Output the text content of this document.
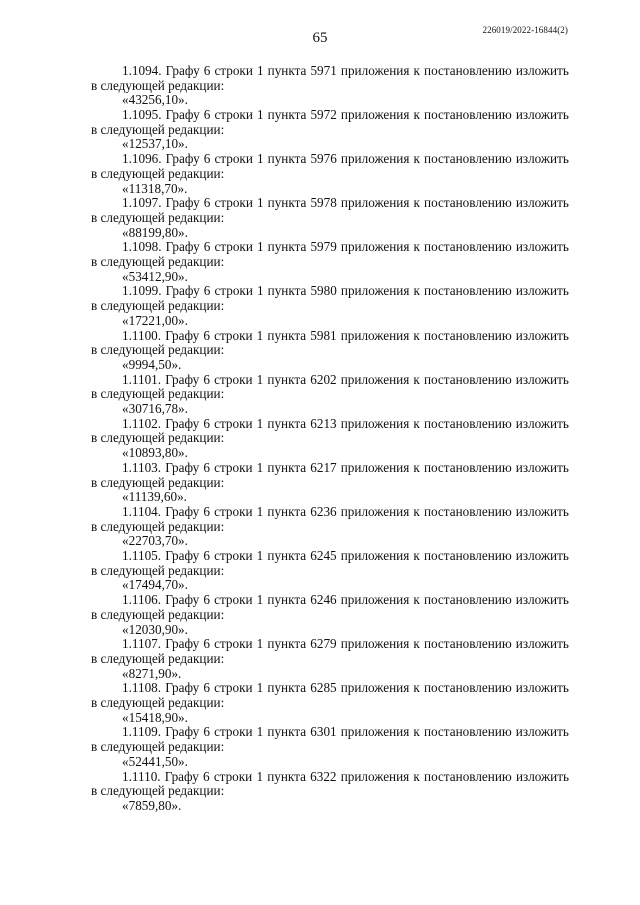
65	226019/2022-16844(2)
1.1094. Графу 6 строки 1 пункта 5971 приложения к постановлению изложить
в следующей редакции:
«43256,10».
1.1095. Графу 6 строки 1 пункта 5972 приложения к постановлению изложить
в следующей редакции:
«12537,10».
1.1096. Графу 6 строки 1 пункта 5976 приложения к постановлению изложить
в следующей редакции:
«11318,70».
1.1097. Графу 6 строки 1 пункта 5978 приложения к постановлению изложить
в следующей редакции:
«88199,80».
1.1098. Графу 6 строки 1 пункта 5979 приложения к постановлению изложить
в следующей редакции:
«53412,90».
1.1099. Графу 6 строки 1 пункта 5980 приложения к постановлению изложить
в следующей редакции:
«17221,00».
1.1100. Графу 6 строки 1 пункта 5981 приложения к постановлению изложить
в следующей редакции:
«9994,50».
1.1101. Графу 6 строки 1 пункта 6202 приложения к постановлению изложить
в следующей редакции:
«30716,78».
1.1102. Графу 6 строки 1 пункта 6213 приложения к постановлению изложить
в следующей редакции:
«10893,80».
1.1103. Графу 6 строки 1 пункта 6217 приложения к постановлению изложить
в следующей редакции:
«11139,60».
1.1104. Графу 6 строки 1 пункта 6236 приложения к постановлению изложить
в следующей редакции:
«22703,70».
1.1105. Графу 6 строки 1 пункта 6245 приложения к постановлению изложить
в следующей редакции:
«17494,70».
1.1106. Графу 6 строки 1 пункта 6246 приложения к постановлению изложить
в следующей редакции:
«12030,90».
1.1107. Графу 6 строки 1 пункта 6279 приложения к постановлению изложить
в следующей редакции:
«8271,90».
1.1108. Графу 6 строки 1 пункта 6285 приложения к постановлению изложить
в следующей редакции:
«15418,90».
1.1109. Графу 6 строки 1 пункта 6301 приложения к постановлению изложить
в следующей редакции:
«52441,50».
1.1110. Графу 6 строки 1 пункта 6322 приложения к постановлению изложить
в следующей редакции:
«7859,80».
